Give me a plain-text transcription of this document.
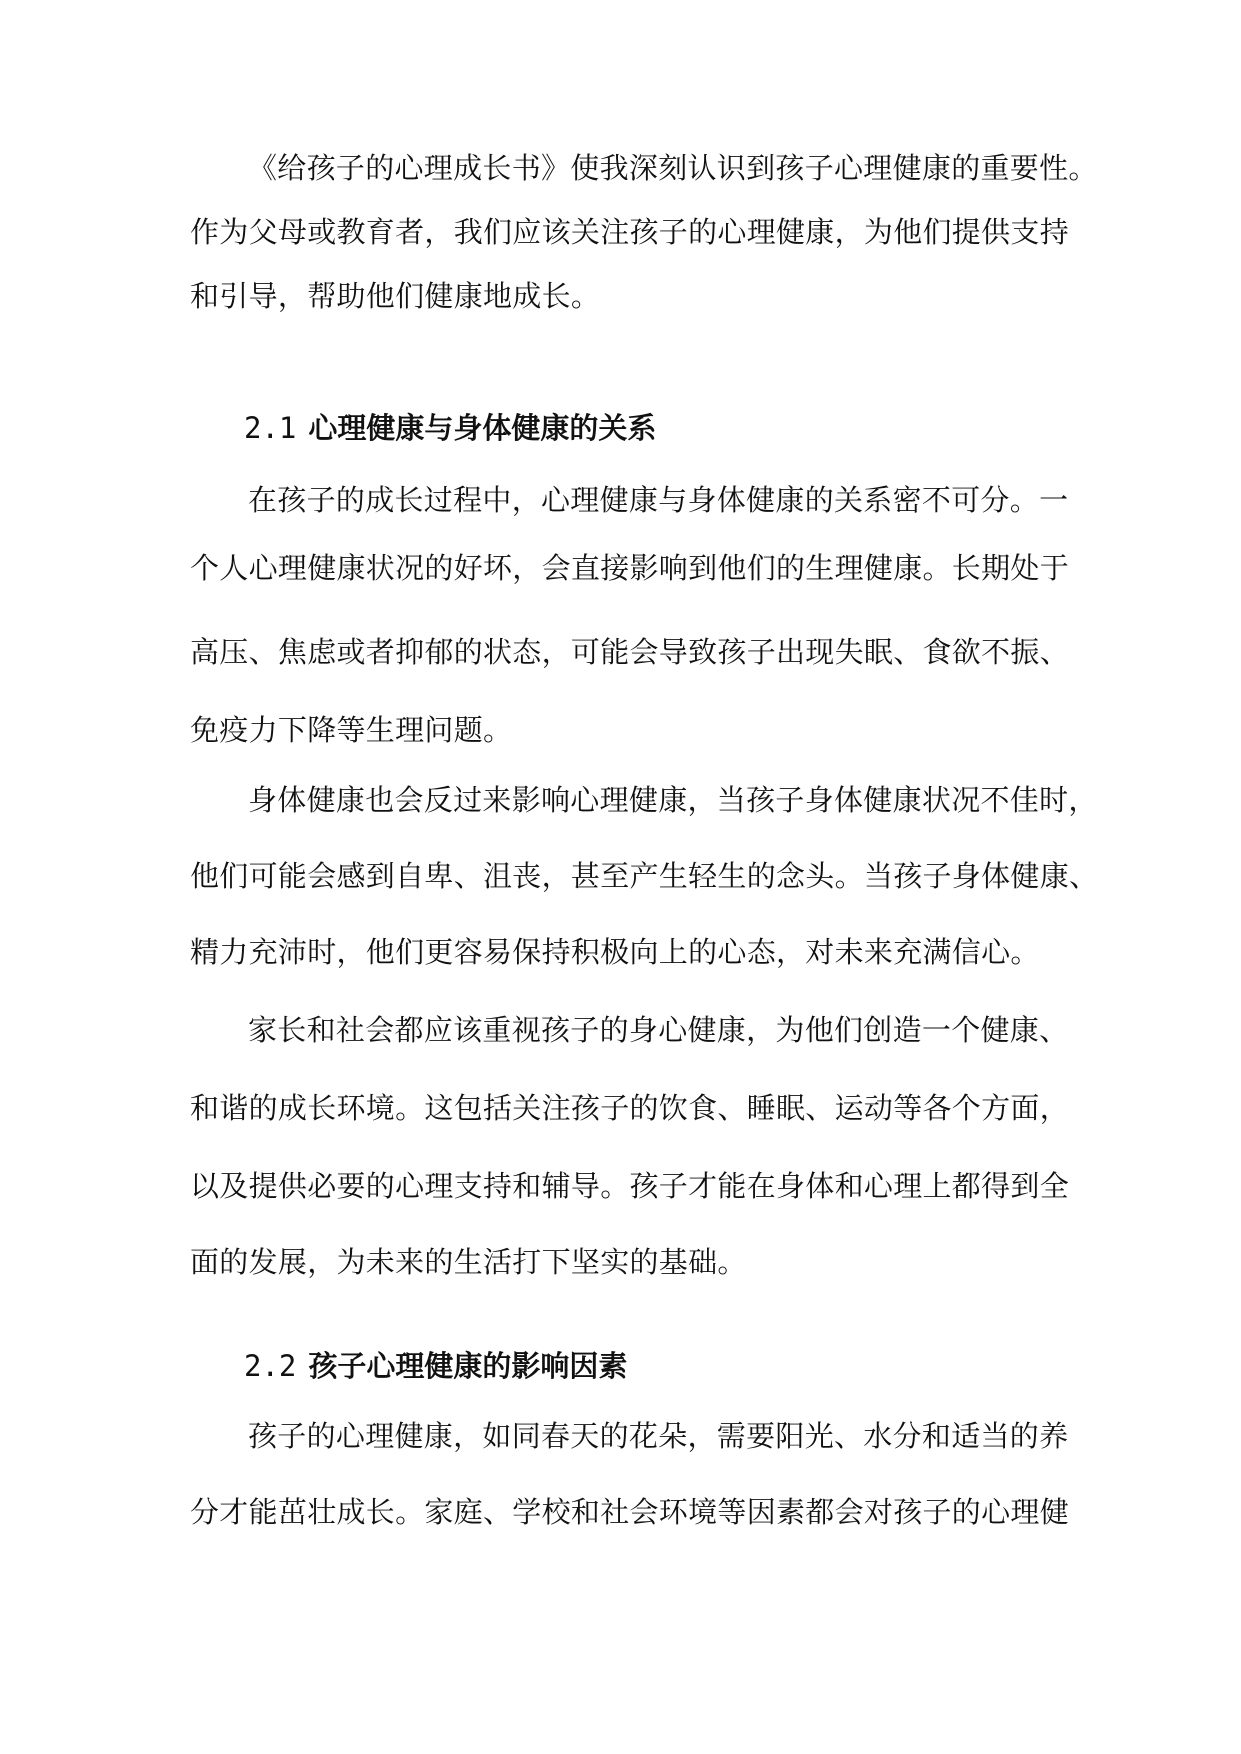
《给孩子的心理成长书》使我深刻认识到孩子心理健康的重要性。
作为父母或教育者，我们应该关注孩子的心理健康，为他们提供支持
和引导，帮助他们健康地成长。
2.1 心理健康与身体健康的关系
在孩子的成长过程中，心理健康与身体健康的关系密不可分。一
个人心理健康状况的好坏，会直接影响到他们的生理健康。长期处于
高压、焦虑或者抑郁的状态，可能会导致孩子出现失眠、食欲不振、
免疫力下降等生理问题。
身体健康也会反过来影响心理健康，当孩子身体健康状况不佳时，
他们可能会感到自卑、沮丧，甚至产生轻生的念头。当孩子身体健康、
精力充沛时，他们更容易保持积极向上的心态，对未来充满信心。
家长和社会都应该重视孩子的身心健康，为他们创造一个健康、
和谐的成长环境。这包括关注孩子的饮食、睡眠、运动等各个方面，
以及提供必要的心理支持和辅导。孩子才能在身体和心理上都得到全
面的发展，为未来的生活打下坚实的基础。
2.2 孩子心理健康的影响因素
孩子的心理健康，如同春天的花朵，需要阳光、水分和适当的养
分才能茁壮成长。家庭、学校和社会环境等因素都会对孩子的心理健
